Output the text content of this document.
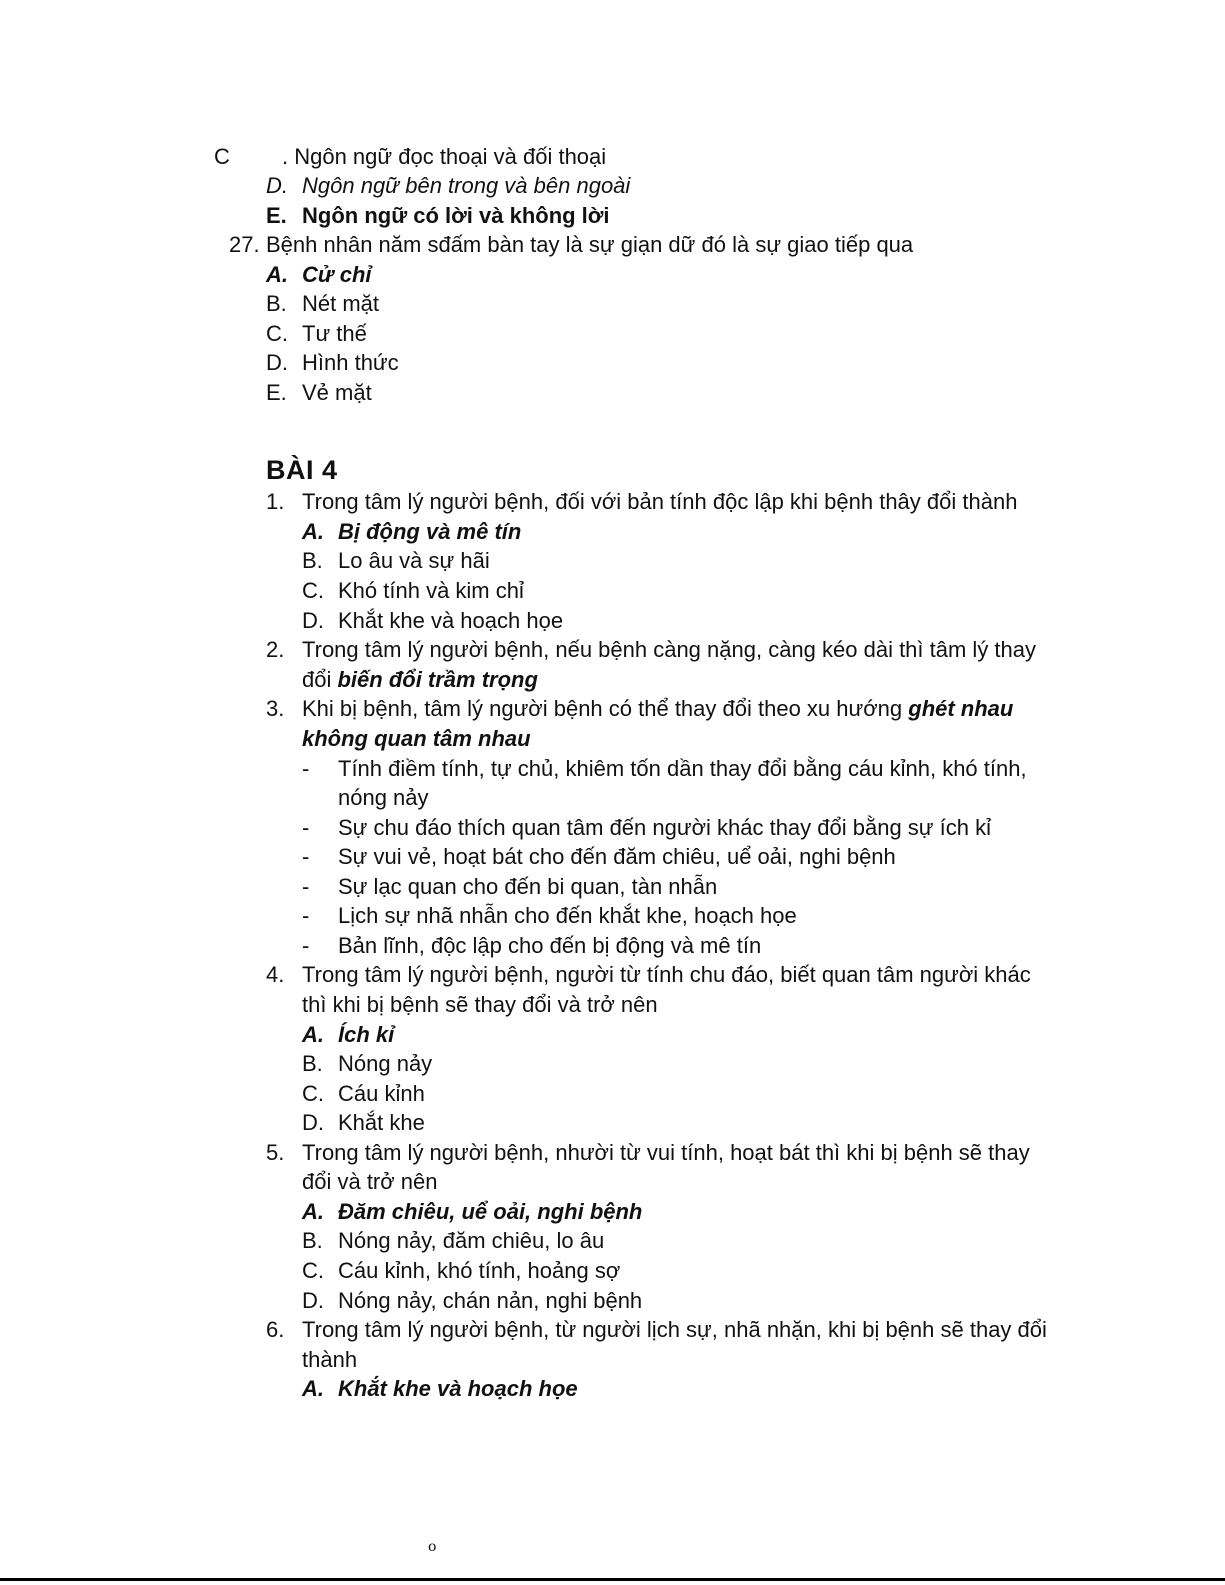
C . Ngôn ngữ đọc thoại và đối thoại
D. Ngôn ngữ bên trong và bên ngoài
E. Ngôn ngữ có lời và không lời
27. Bệnh nhân năm sđấm bàn tay là sự giạn dữ đó là sự giao tiếp qua
A. Cử chỉ
B. Nét mặt
C. Tư thế
D. Hình thức
E. Vẻ mặt
BÀI 4
1. Trong tâm lý người bệnh, đối với bản tính độc lập khi bệnh thây đổi thành
A. Bị động và mê tín
B. Lo âu và sự hãi
C. Khó tính và kim chỉ
D. Khắt khe và hoạch họe
2. Trong tâm lý người bệnh, nếu bệnh càng nặng, càng kéo dài thì tâm lý thay
đổi biến đổi trầm trọng
3. Khi bị bệnh, tâm lý người bệnh có thể thay đổi theo xu hướng ghét nhau
không quan tâm nhau
- Tính điềm tính, tự chủ, khiêm tốn dần thay đổi bằng cáu kỉnh, khó tính,
nóng nảy
- Sự chu đáo thích quan tâm đến người khác thay đổi bằng sự ích kỉ
- Sự vui vẻ, hoạt bát cho đến đăm chiêu, uể oải, nghi bệnh
- Sự lạc quan cho đến bi quan, tàn nhẫn
- Lịch sự nhã nhẫn cho đến khắt khe, hoạch họe
- Bản lĩnh, độc lập cho đến bị động và mê tín
4. Trong tâm lý người bệnh, người từ tính chu đáo, biết quan tâm người khác
thì khi bị bệnh sẽ thay đổi và trở nên
A. Ích kỉ
B. Nóng nảy
C. Cáu kỉnh
D. Khắt khe
5. Trong tâm lý người bệnh, nhười từ vui tính, hoạt bát thì khi bị bệnh sẽ thay
đổi và trở nên
A. Đăm chiêu, uể oải, nghi bệnh
B. Nóng nảy, đăm chiêu, lo âu
C. Cáu kỉnh, khó tính, hoảng sợ
D. Nóng nảy, chán nản, nghi bệnh
6. Trong tâm lý người bệnh, từ người lịch sự, nhã nhặn, khi bị bệnh sẽ thay đổi
thành
A. Khắt khe và hoạch họe
o
